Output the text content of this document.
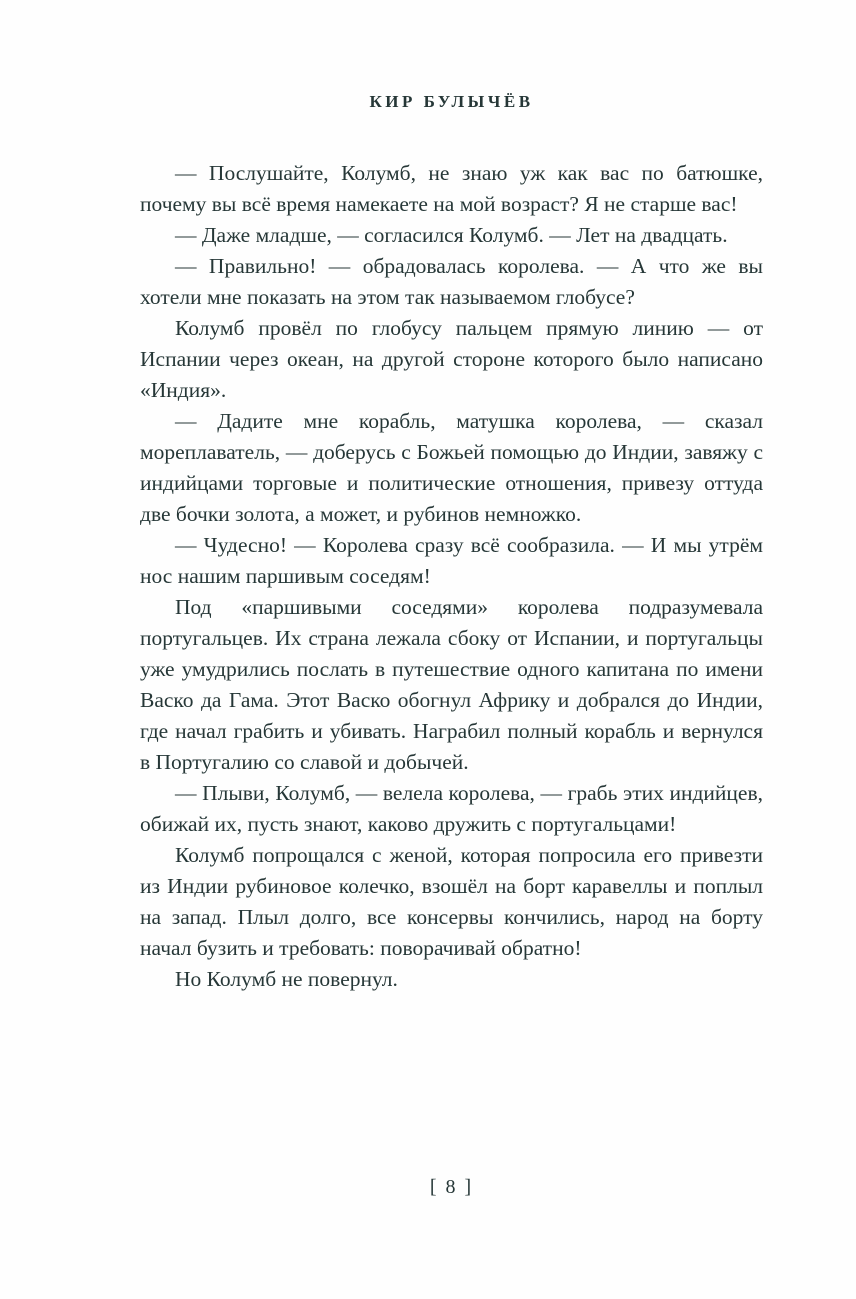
КИР БУЛЫЧЁВ

— Послушайте, Колумб, не знаю уж как вас по батюшке, почему вы всё время намекаете на мой возраст? Я не старше вас!

— Даже младше, — согласился Колумб. — Лет на двадцать.

— Правильно! — обрадовалась королева. — А что же вы хотели мне показать на этом так называемом глобусе?

Колумб провёл по глобусу пальцем прямую линию — от Испании через океан, на другой стороне которого было написано «Индия».

— Дадите мне корабль, матушка королева, — сказал мореплаватель, — доберусь с Божьей помощью до Индии, завяжу с индийцами торговые и политические отношения, привезу оттуда две бочки золота, а может, и рубинов немножко.

— Чудесно! — Королева сразу всё сообразила. — И мы утрём нос нашим паршивым соседям!

Под «паршивыми соседями» королева подразумевала португальцев. Их страна лежала сбоку от Испании, и португальцы уже умудрились послать в путешествие одного капитана по имени Васко да Гама. Этот Васко обогнул Африку и добрался до Индии, где начал грабить и убивать. Награбил полный корабль и вернулся в Португалию со славой и добычей.

— Плыви, Колумб, — велела королева, — грабь этих индийцев, обижай их, пусть знают, каково дружить с португальцами!

Колумб попрощался с женой, которая попросила его привезти из Индии рубиновое колечко, взошёл на борт каравеллы и поплыл на запад. Плыл долго, все консервы кончились, народ на борту начал бузить и требовать: поворачивай обратно!

Но Колумб не повернул.

[ 8 ]
